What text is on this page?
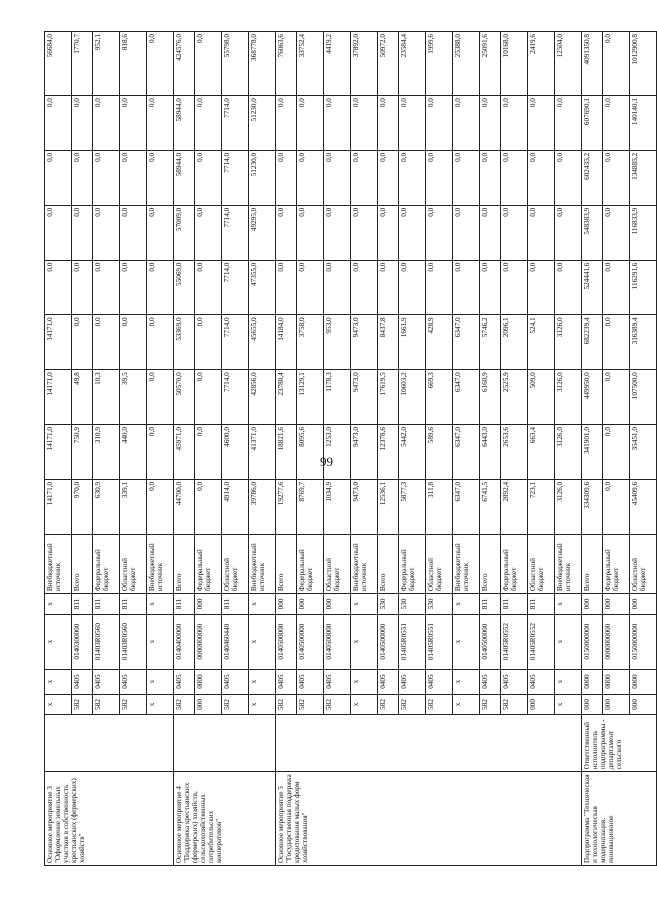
99
Основное мероприятие 3 "Оформление земельных участков в собственность крестьянских (фермерских) хозяйств"		x	x	x	x	Внебюджетный источник	14171,0	14171,0	14171,0	14171,0	0,0	0,0	0,0	0,0	56684,0
		582	0405	0140300000	811	Всего	970,0	750,9	49,8	0,0	0,0	0,0	0,0	0,0	1770,7
		582	0405	01403R0560	811	Федеральный бюджет	630,9	310,9	10,3	0,0	0,0	0,0	0,0	0,0	952,1
		582	0405	01403R0560	811	Областной бюджет	339,1	440,0	39,5	0,0	0,0	0,0	0,0	0,0	818,6
		x	x	x	x	Внебюджетный источник	0,0	0,0	0,0	0,0	0,0	0,0	0,0	0,0	0,0
Основное мероприятие 4 "Поддержка крестьянских (фермерских) хозяйств, сельскохозяйственных потребительских кооперативов"		582	0405	0140400000	811	Всего	44700,0	45971,0	50570,0	53369,0	55069,0	57009,0	58944,0	58944,0	424576,0
		000	0000	0000000000	000	Федеральный бюджет	0,0	0,0	0,0	0,0	0,0	0,0	0,0	0,0	0,0
		582	0405	0140460440	811	Областной бюджет	4914,0	4600,0	7714,0	7714,0	7714,0	7714,0	7714,0	7714,0	55798,0
		x	x	x	x	Внебюджетный источник	39786,0	41371,0	42856,0	45655,0	47355,0	49295,0	51230,0	51230,0	368778,0
Основное мероприятие 5 "Государственная поддержка кредитования малых форм хозяйствования"		582	0405	0140500000	000	Всего	19277,6	18821,6	23780,4	14184,0	0,0	0,0	0,0	0,0	76063,6
		582	0405	0140500000	000	Федеральный бюджет	8769,7	8095,6	13129,1	3758,0	0,0	0,0	0,0	0,0	33752,4
		582	0405	0140500000	000	Областной бюджет	1034,9	1253,0	1178,3	953,0	0,0	0,0	0,0	0,0	4419,2
		x	x	x	x	Внебюджетный источник	9473,0	9473,0	9473,0	9473,0	0,0	0,0	0,0	0,0	37892,0
		582	0405	0140500000	530	Всего	12536,1	12378,6	17619,5	8437,8	0,0	0,0	0,0	0,0	50972,0
		582	0405	01405R0551	530	Федеральный бюджет	5877,3	5442,0	10603,2	1661,9	0,0	0,0	0,0	0,0	23584,4
		582	0405	01405R0551	530	Областной бюджет	311,8	589,6	669,3	428,9	0,0	0,0	0,0	0,0	1999,6
		x	x	x	x	Внебюджетный источник	6347,0	6347,0	6347,0	6347,0	0,0	0,0	0,0	0,0	25388,0
		582	0405	0140500000	811	Всего	6741,5	6443,0	6160,9	5746,2	0,0	0,0	0,0	0,0	25091,6
		582	0405	01405R0552	811	Федеральный бюджет	2892,4	2653,6	2525,9	2096,1	0,0	0,0	0,0	0,0	10168,0
		000	0405	01405R0552	811	Областной бюджет	723,1	663,4	509,0	524,1	0,0	0,0	0,0	0,0	2419,6
		x	x	x	x	Внебюджетный источник	3126,0	3126,0	3126,0	3126,0	0,0	0,0	0,0	0,0	12504,0
Подпрограмма "Техническая и технологическая модернизация, инновационное	Ответственный исполнитель подпрограммы - департамент сельского	000	0000	0150000000	000	Всего	334309,6	341901,0	449950,0	682239,4	524441,6	548383,9	602435,2	607690,1	4091350,8
		000	0000	0000000000	000	Федеральный бюджет	0,0	0,0	0,0	0,0	0,0	0,0	0,0	0,0	0,0
		000	0000	0150000000	000	Областной бюджет	45409,6	35451,0	107500,0	316389,4	116291,6	116833,9	134885,2	140140,1	1012900,8
